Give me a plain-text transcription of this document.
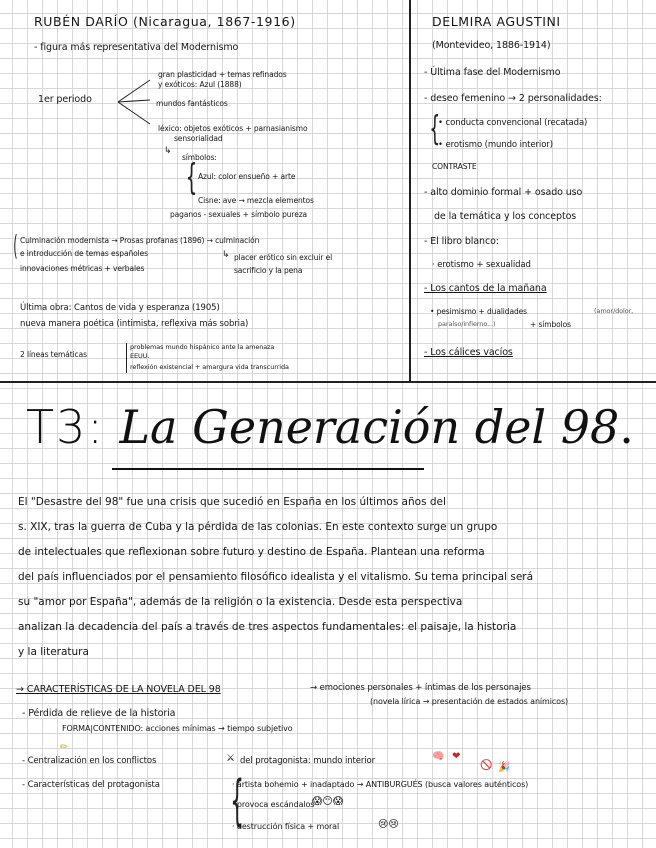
RUBÉN DARÍO (Nicaragua, 1867-1916)
- figura más representativa del Modernismo
1er periodo
gran plasticidad + temas refinados
y exóticos: Azul (1888)
mundos fantásticos
léxico: objetos exóticos + parnasianismo
sensorialidad
↳
símbolos:
{ Azul: color ensueño + arte
Cisne: ave → mezcla elementos
paganos - sexuales + símbolo pureza
( Culminación modernista → Prosas profanas (1896) → culminación
e introducción de temas españoles
innovaciones métricas + verbales
↳ placer erótico sin excluir el
sacrificio y la pena
Última obra: Cantos de vida y esperanza (1905)
nueva manera poética (intimista, reflexiva más sobria)
2 líneas temáticas
problemas mundo hispánico ante la amenaza
EEUU.
reflexión existencial + amargura vida transcurrida
DELMIRA AGUSTINI
(Montevideo, 1886-1914)
- Última fase del Modernismo
- deseo femenino → 2 personalidades:
{
• conducta convencional (recatada)
• erotismo (mundo interior)
CONTRASTE
- alto dominio formal + osado uso
de la temática y los conceptos
- El libro blanco:
· erotismo + sexualidad
- Los cantos de la mañana
• pesimismo + dualidades	(amor/dolor,
paraíso/infierno...)	+ símbolos
- Los cálices vacíos
T3: La Generación del 98.
El "Desastre del 98" fue una crisis que sucedió en España en los últimos años del
s. XIX, tras la guerra de Cuba y la pérdida de las colonias. En este contexto surge un grupo
de intelectuales que reflexionan sobre futuro y destino de España. Plantean una reforma
del país influenciados por el pensamiento filosófico idealista y el vitalismo. Su tema principal será
su "amor por España", además de la religión o la existencia. Desde esta perspectiva
analizan la decadencia del país a través de tres aspectos fundamentales: el paisaje, la historia
y la literatura
→ CARACTERÍSTICAS DE LA NOVELA DEL 98	→ emociones personales + íntimas de los personajes
(novela lírica → presentación de estados anímicos)
- Pérdida de relieve de la historia
FORMA|CONTENIDO: acciones mínimas → tiempo subjetivo
✏
- Centralización en los conflictos	⚔ del protagonista: mundo interior	🧠 ❤
🚫 🎉
- Características del protagonista {
· artista bohemio + inadaptado → ANTIBURGUÉS (busca valores auténticos)
· provoca escándalos
😱😶😱
· destrucción física + moral	😢😢
